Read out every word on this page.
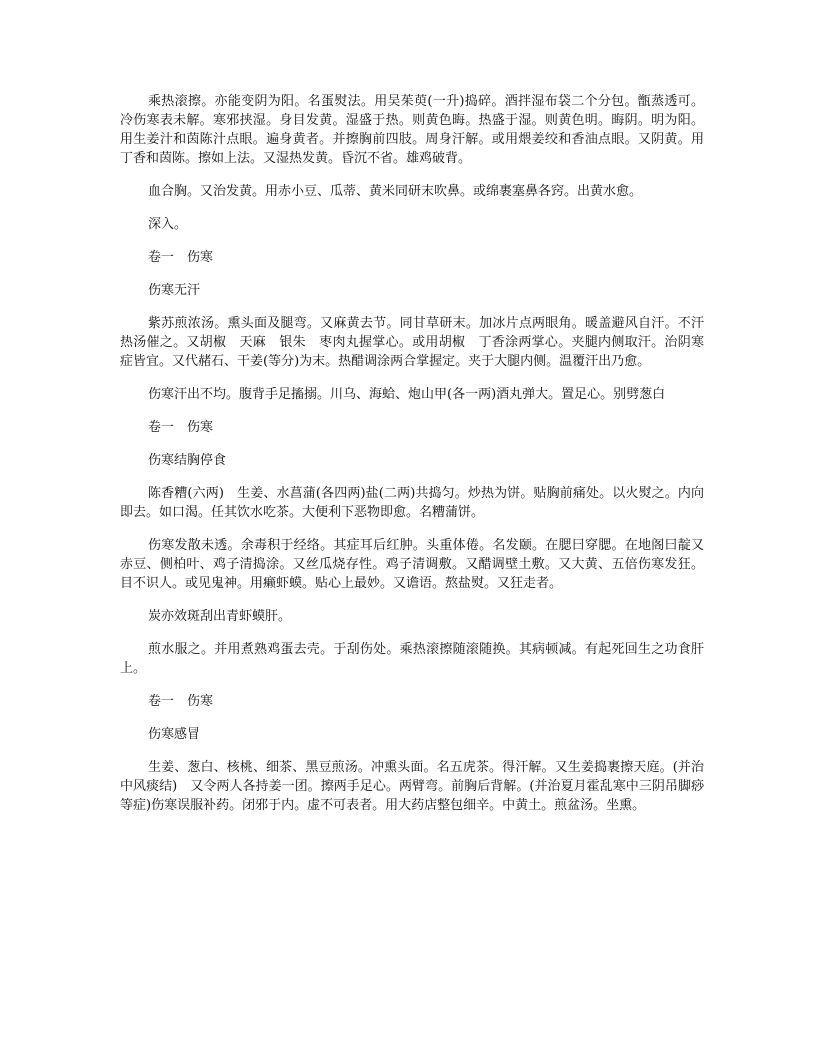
乘热滚擦。亦能变阴为阳。名蛋熨法。用吴茱萸(一升)捣碎。酒拌湿布袋二个分包。甑蒸透可。冷伤寒表未解。寒邪挟湿。身目发黄。湿盛于热。则黄色晦。热盛于湿。则黄色明。晦阴。明为阳。用生姜汁和茵陈汁点眼。遍身黄者。并擦胸前四肢。周身汗解。或用煨姜绞和香油点眼。又阴黄。用丁香和茵陈。擦如上法。又湿热发黄。昏沉不省。雄鸡破背。

血合胸。又治发黄。用赤小豆、瓜蒂、黄米同研末吹鼻。或绵裹塞鼻各窍。出黄水愈。

深入。

卷一　伤寒

伤寒无汗

紫苏煎浓汤。熏头面及腿弯。又麻黄去节。同甘草研末。加冰片点两眼角。暖盖避风自汗。不汗热汤催之。又胡椒　天麻　银朱　枣肉丸握掌心。或用胡椒　丁香涂两掌心。夹腿内侧取汗。治阴寒症皆宜。又代赭石、干姜(等分)为末。热醋调涂两合掌握定。夹于大腿内侧。温覆汗出乃愈。

伤寒汗出不均。腹背手足搐搦。川乌、海蛤、炮山甲(各一两)酒丸弹大。置足心。别劈葱白

卷一　伤寒

伤寒结胸停食

陈香糟(六两)　生姜、水菖蒲(各四两)盐(二两)共捣匀。炒热为饼。贴胸前痛处。以火熨之。内向即去。如口渴。任其饮水吃茶。大便利下恶物即愈。名糟蒲饼。

伤寒发散未透。余毒积于经络。其症耳后红肿。头重体倦。名发颐。在腮曰穿腮。在地阁曰靛又赤豆、侧柏叶、鸡子清捣涂。又丝瓜烧存性。鸡子清调敷。又醋调壁土敷。又大黄、五倍伤寒发狂。目不识人。或见鬼神。用癞虾蟆。贴心上最妙。又谵语。熬盐熨。又狂走者。

炭亦效斑刮出青虾蟆肝。

煎水服之。并用煮熟鸡蛋去壳。于刮伤处。乘热滚擦随滚随换。其病顿减。有起死回生之功食肝上。

卷一　伤寒

伤寒感冒

生姜、葱白、核桃、细茶、黑豆煎汤。冲熏头面。名五虎茶。得汗解。又生姜捣裹擦天庭。(并治中风痰结)　又令两人各持姜一团。擦两手足心。两臂弯。前胸后背解。(并治夏月霍乱寒中三阴吊脚痧等症)伤寒误服补药。闭邪于内。虚不可表者。用大药店整包细辛。中黄土。煎盆汤。坐熏。
